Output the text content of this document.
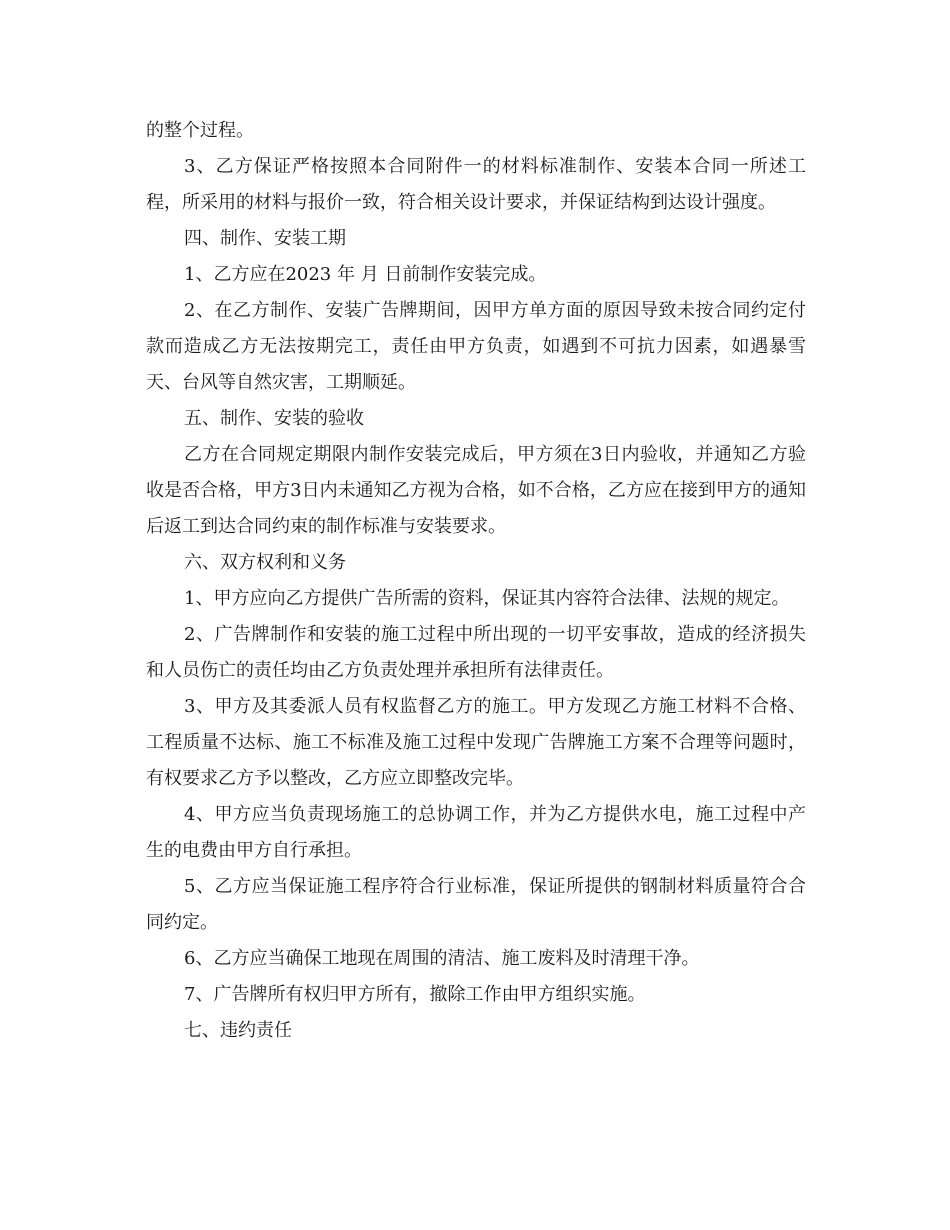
的整个过程。

3、乙方保证严格按照本合同附件一的材料标准制作、安装本合同一所述工程，所采用的材料与报价一致，符合相关设计要求，并保证结构到达设计强度。

四、制作、安装工期

1、乙方应在2023 年 月 日前制作安装完成。

2、在乙方制作、安装广告牌期间，因甲方单方面的原因导致未按合同约定付款而造成乙方无法按期完工，责任由甲方负责，如遇到不可抗力因素，如遇暴雪天、台风等自然灾害，工期顺延。

五、制作、安装的验收

乙方在合同规定期限内制作安装完成后，甲方须在3日内验收，并通知乙方验收是否合格，甲方3日内未通知乙方视为合格，如不合格，乙方应在接到甲方的通知后返工到达合同约束的制作标准与安装要求。

六、双方权利和义务

1、甲方应向乙方提供广告所需的资料，保证其内容符合法律、法规的规定。

2、广告牌制作和安装的施工过程中所出现的一切平安事故，造成的经济损失和人员伤亡的责任均由乙方负责处理并承担所有法律责任。

3、甲方及其委派人员有权监督乙方的施工。甲方发现乙方施工材料不合格、工程质量不达标、施工不标准及施工过程中发现广告牌施工方案不合理等问题时，有权要求乙方予以整改，乙方应立即整改完毕。

4、甲方应当负责现场施工的总协调工作，并为乙方提供水电，施工过程中产生的电费由甲方自行承担。

5、乙方应当保证施工程序符合行业标准，保证所提供的钢制材料质量符合合同约定。

6、乙方应当确保工地现在周围的清洁、施工废料及时清理干净。

7、广告牌所有权归甲方所有，撤除工作由甲方组织实施。

七、违约责任
